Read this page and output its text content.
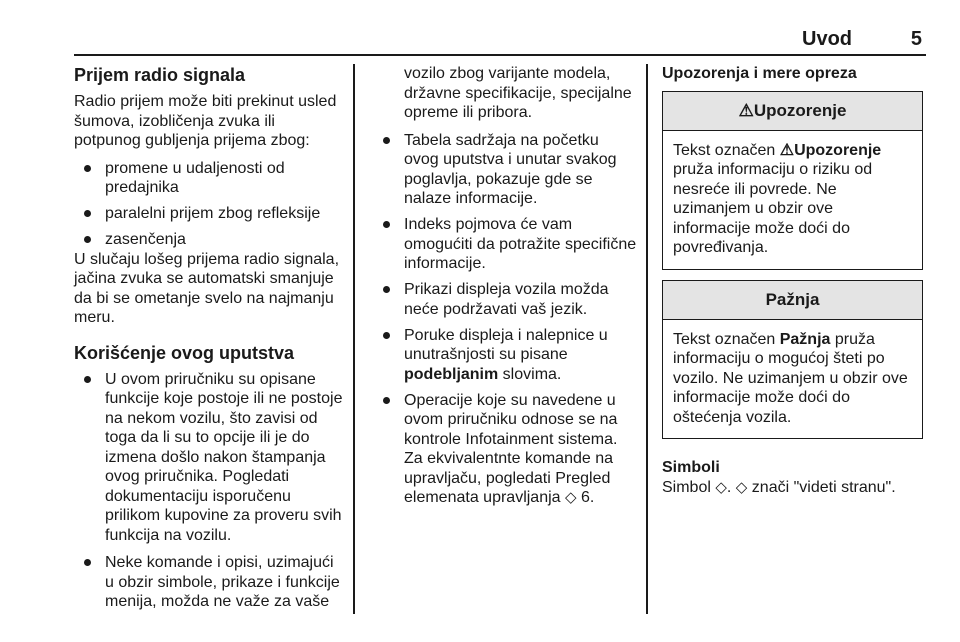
Uvod	5
Prijem radio signala

Radio prijem može biti prekinut usled šumova, izobličenja zvuka ili potpunog gubljenja prijema zbog:

promene u udaljenosti od predajnika
paralelni prijem zbog refleksije
zasenčenja

U slučaju lošeg prijema radio signala, jačina zvuka se automatski smanjuje da bi se ometanje svelo na najmanju meru.

Korišćenje ovog uputstva
U ovom priručniku su opisane funkcije koje postoje ili ne postoje na nekom vozilu, što zavisi od toga da li su to opcije ili je do izmena došlo nakon štampanja ovog priručnika. Pogledati dokumentaciju isporučenu prilikom kupovine za proveru svih funkcija na vozilu.
Neke komande i opisi, uzimajući u obzir simbole, prikaze i funkcije menija, možda ne važe za vaše
vozilo zbog varijante modela, državne specifikacije, specijalne opreme ili pribora.
Tabela sadržaja na početku ovog uputstva i unutar svakog poglavlja, pokazuje gde se nalaze informacije.
Indeks pojmova će vam omogućiti da potražite specifične informacije.
Prikazi displeja vozila možda neće podržavati vaš jezik.
Poruke displeja i nalepnice u unutrašnjosti su pisane podebljanim slovima.
Operacije koje su navedene u ovom priručniku odnose se na kontrole Infotainment sistema. Za ekvivalentnte komande na upravljaču, pogledati Pregled elemenata upravljanja ◇ 6.
Upozorenja i mere opreza
⚠ Upozorenje
Tekst označen ⚠Upozorenje pruža informaciju o riziku od nesreće ili povrede. Ne uzimanjem u obzir ove informacije može doći do povređivanja.
Pažnja
Tekst označen Pažnja pruža informaciju o mogućoj šteti po vozilo. Ne uzimanjem u obzir ove informacije može doći do oštećenja vozila.
Simboli

Simbol ◇. ◇ znači "videti stranu".
